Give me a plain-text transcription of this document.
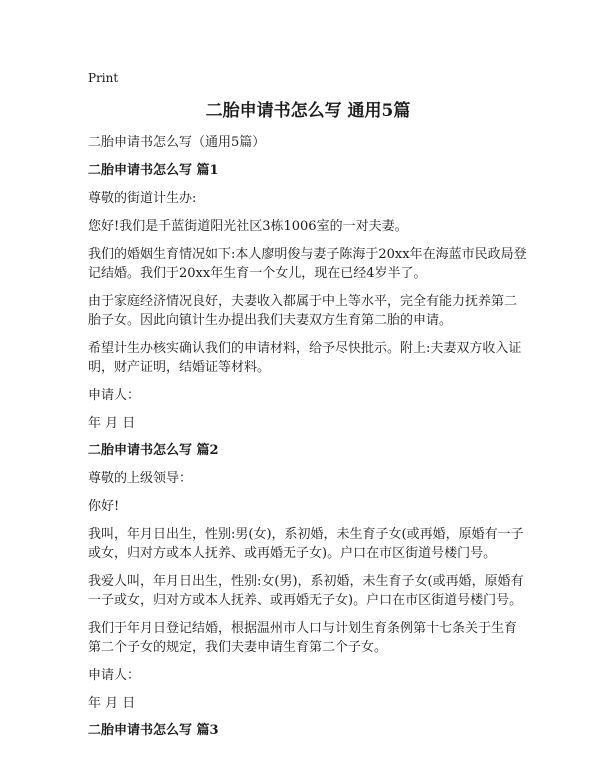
Print
二胎申请书怎么写 通用5篇
二胎申请书怎么写（通用5篇）
二胎申请书怎么写 篇1

尊敬的街道计生办:

您好!我们是千蓝街道阳光社区3栋1006室的一对夫妻。

我们的婚姻生育情况如下:本人廖明俊与妻子陈海于20xx年在海蓝市民政局登记结婚。我们于20xx年生育一个女儿，现在已经4岁半了。

由于家庭经济情况良好，夫妻收入都属于中上等水平，完全有能力抚养第二胎子女。因此向镇计生办提出我们夫妻双方生育第二胎的申请。

希望计生办核实确认我们的申请材料，给予尽快批示。附上:夫妻双方收入证明，财产证明，结婚证等材料。

申请人：

年 月 日

二胎申请书怎么写 篇2

尊敬的上级领导：

你好!

我叫，年月日出生，性别:男(女)，系初婚，未生育子女(或再婚，原婚有一子或女，归对方或本人抚养、或再婚无子女)。户口在市区街道号楼门号。

我爱人叫，年月日出生，性别:女(男)，系初婚，未生育子女(或再婚，原婚有一子或女，归对方或本人抚养、或再婚无子女)。户口在市区街道号楼门号。

我们于年月日登记结婚，根据温州市人口与计划生育条例第十七条关于生育第二个子女的规定，我们夫妻申请生育第二个子女。

申请人：

年 月 日

二胎申请书怎么写 篇3
